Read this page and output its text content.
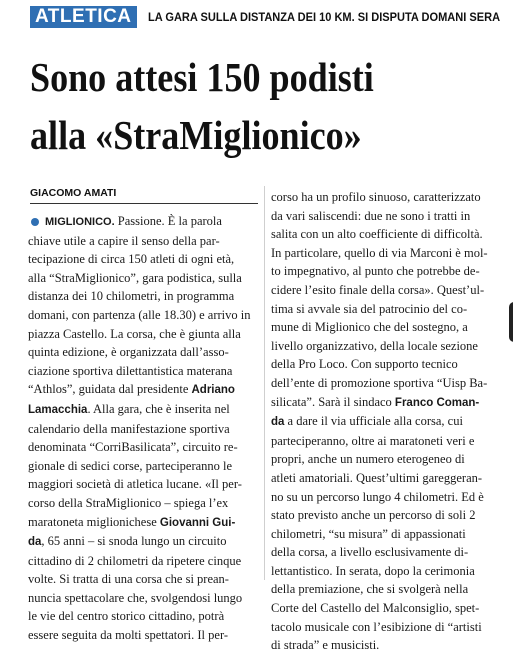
ATLETICA	LA GARA SULLA DISTANZA DEI 10 KM. SI DISPUTA DOMANI SERA
Sono attesi 150 podisti
alla «StraMiglionico»
GIACOMO AMATI
MIGLIONICO. Passione. È la parola
chiave utile a capire il senso della par-
tecipazione di circa 150 atleti di ogni età,
alla “StraMiglionico”, gara podistica, sulla
distanza dei 10 chilometri, in programma
domani, con partenza (alle 18.30) e arrivo in
piazza Castello. La corsa, che è giunta alla
quinta edizione, è organizzata dall’asso-
ciazione sportiva dilettantistica materana
“Athlos”, guidata dal presidente Adriano
Lamacchia. Alla gara, che è inserita nel
calendario della manifestazione sportiva
denominata “CorriBasilicata”, circuito re-
gionale di sedici corse, parteciperanno le
maggiori società di atletica lucane. «Il per-
corso della StraMiglionico – spiega l’ex
maratoneta miglionichese Giovanni Gui-
da, 65 anni – si snoda lungo un circuito
cittadino di 2 chilometri da ripetere cinque
volte. Si tratta di una corsa che si prean-
nuncia spettacolare che, svolgendosi lungo
le vie del centro storico cittadino, potrà
essere seguita da molti spettatori. Il per-
corso ha un profilo sinuoso, caratterizzato
da vari saliscendi: due ne sono i tratti in
salita con un alto coefficiente di difficoltà.
In particolare, quello di via Marconi è mol-
to impegnativo, al punto che potrebbe de-
cidere l’esito finale della corsa». Quest’ul-
tima si avvale sia del patrocinio del co-
mune di Miglionico che del sostegno, a
livello organizzativo, della locale sezione
della Pro Loco. Con supporto tecnico
dell’ente di promozione sportiva “Uisp Ba-
silicata”. Sarà il sindaco Franco Coman-
da a dare il via ufficiale alla corsa, cui
parteciperanno, oltre ai maratoneti veri e
propri, anche un numero eterogeneo di
atleti amatoriali. Quest’ultimi gareggeran-
no su un percorso lungo 4 chilometri. Ed è
stato previsto anche un percorso di soli 2
chilometri, “su misura” di appassionati
della corsa, a livello esclusivamente di-
lettantistico. In serata, dopo la cerimonia
della premiazione, che si svolgerà nella
Corte del Castello del Malconsiglio, spet-
tacolo musicale con l’esibizione di “artisti
di strada” e musicisti.
